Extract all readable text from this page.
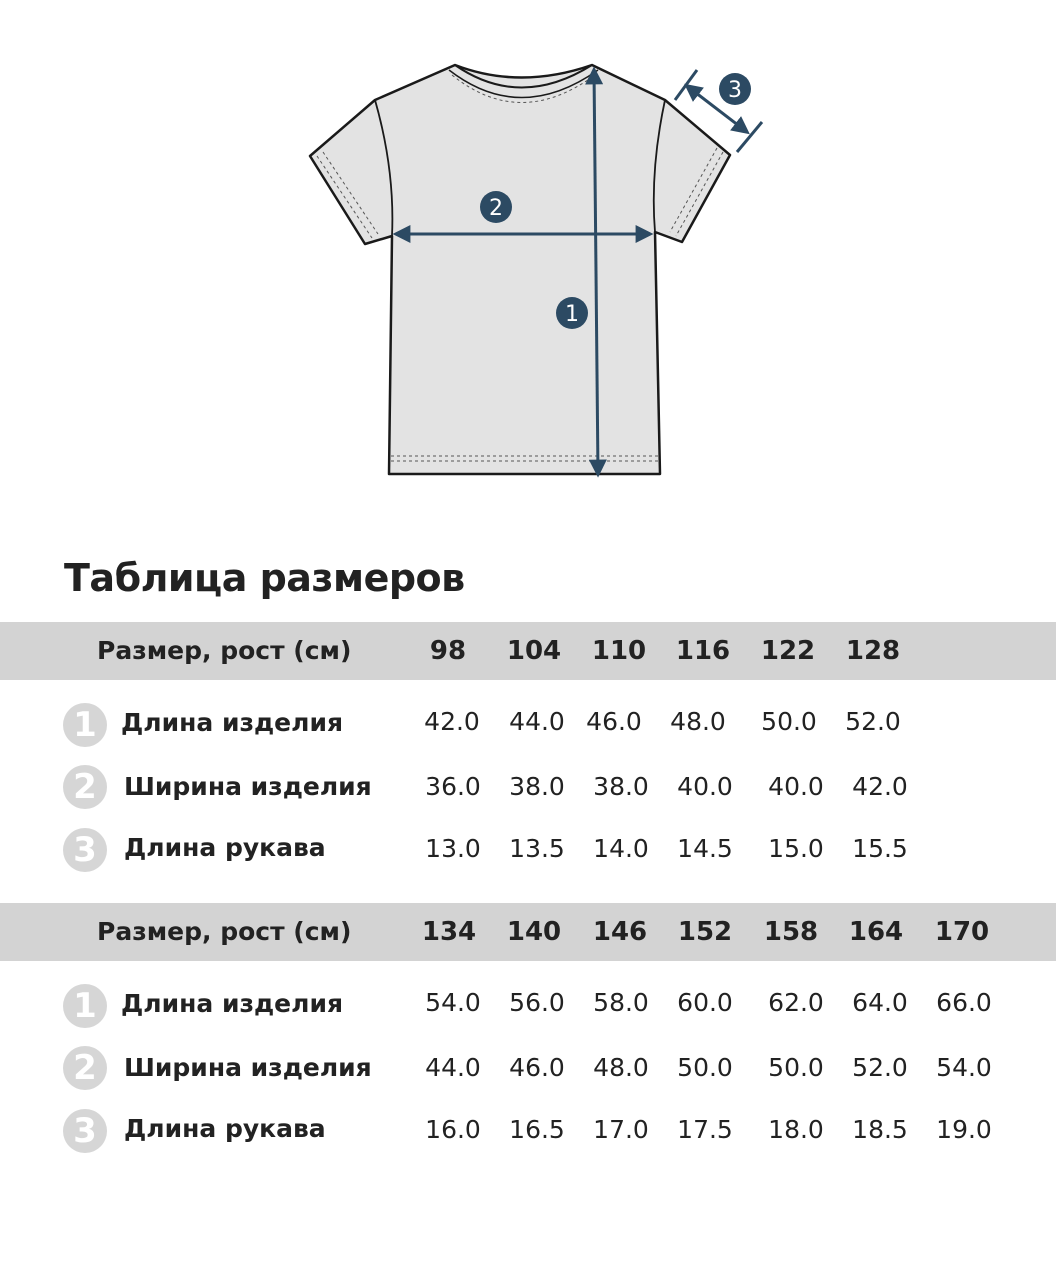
1
2
3
Таблица размеров
Размер, рост (см)	98 104 110 116 122 128
1 Длина изделия	42.0 44.0 46.0 48.0 50.0 52.0
2	Ширина изделия 36.0 38.0 38.0 40.0 40.0 42.0
3	Длина рукава	13.0 13.5 14.0 14.5 15.0 15.5
Размер, рост (см)	134 140 146 152 158 164 170
1 Длина изделия	54.0 56.0 58.0 60.0 62.0 64.0 66.0
2	Ширина изделия 44.0 46.0 48.0 50.0 50.0 52.0 54.0
3	Длина рукава	16.0 16.5 17.0 17.5 18.0 18.5 19.0
